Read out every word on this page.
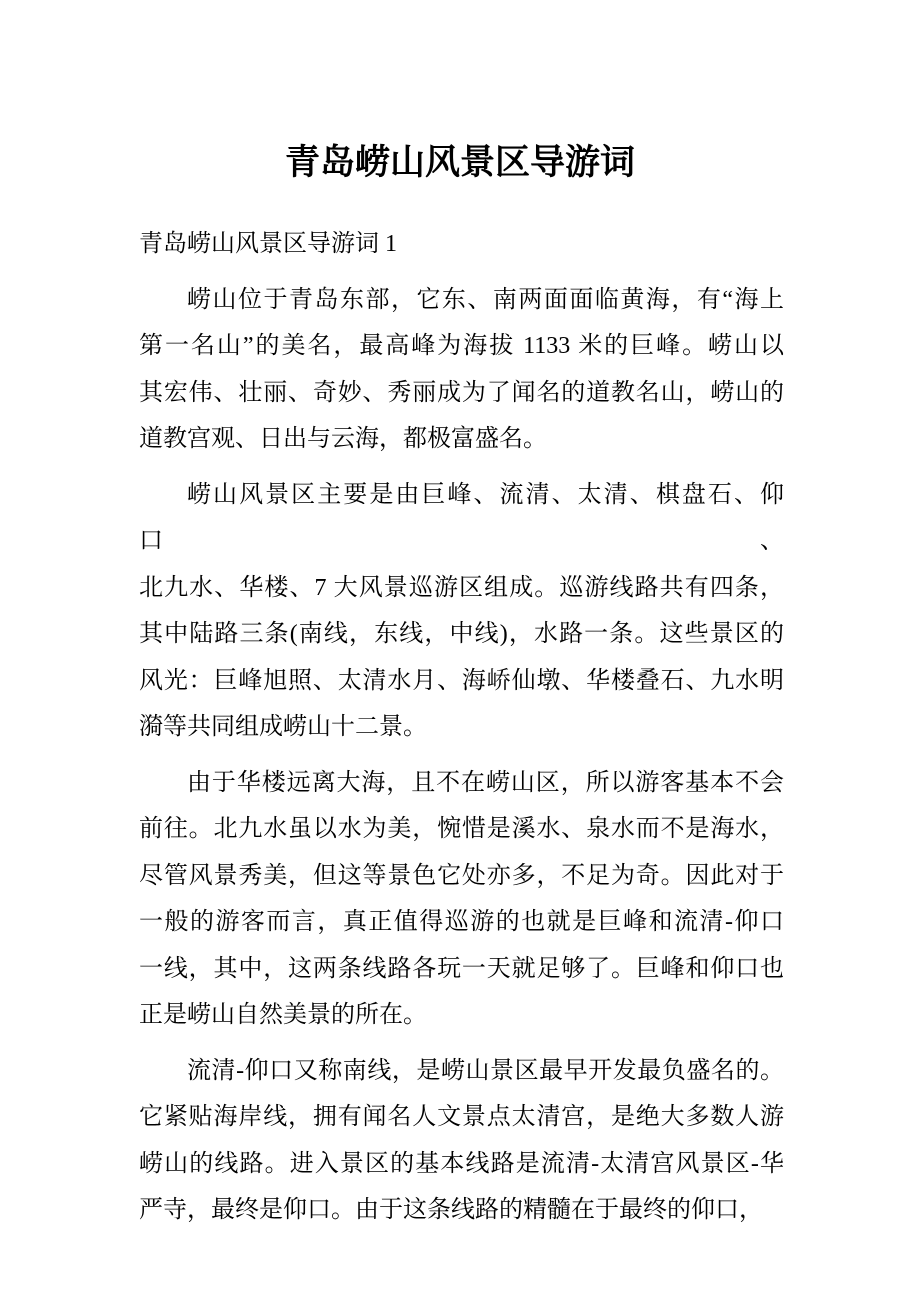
青岛崂山风景区导游词

青岛崂山风景区导游词 1

崂山位于青岛东部，它东、南两面面临黄海，有“海上
第一名山”的美名，最高峰为海拔 1133 米的巨峰。崂山以
其宏伟、壮丽、奇妙、秀丽成为了闻名的道教名山，崂山的
道教宫观、日出与云海，都极富盛名。
崂山风景区主要是由巨峰、流清、太清、棋盘石、仰口、
北九水、华楼、7 大风景巡游区组成。巡游线路共有四条，
其中陆路三条(南线，东线，中线)，水路一条。这些景区的
风光：巨峰旭照、太清水月、海峤仙墩、华楼叠石、九水明
漪等共同组成崂山十二景。
由于华楼远离大海，且不在崂山区，所以游客基本不会
前往。北九水虽以水为美，惋惜是溪水、泉水而不是海水，
尽管风景秀美，但这等景色它处亦多，不足为奇。因此对于
一般的游客而言，真正值得巡游的也就是巨峰和流清-仰口
一线，其中，这两条线路各玩一天就足够了。巨峰和仰口也
正是崂山自然美景的所在。
流清-仰口又称南线，是崂山景区最早开发最负盛名的。
它紧贴海岸线，拥有闻名人文景点太清宫，是绝大多数人游
崂山的线路。进入景区的基本线路是流清-太清宫风景区-华
严寺，最终是仰口。由于这条线路的精髓在于最终的仰口，
